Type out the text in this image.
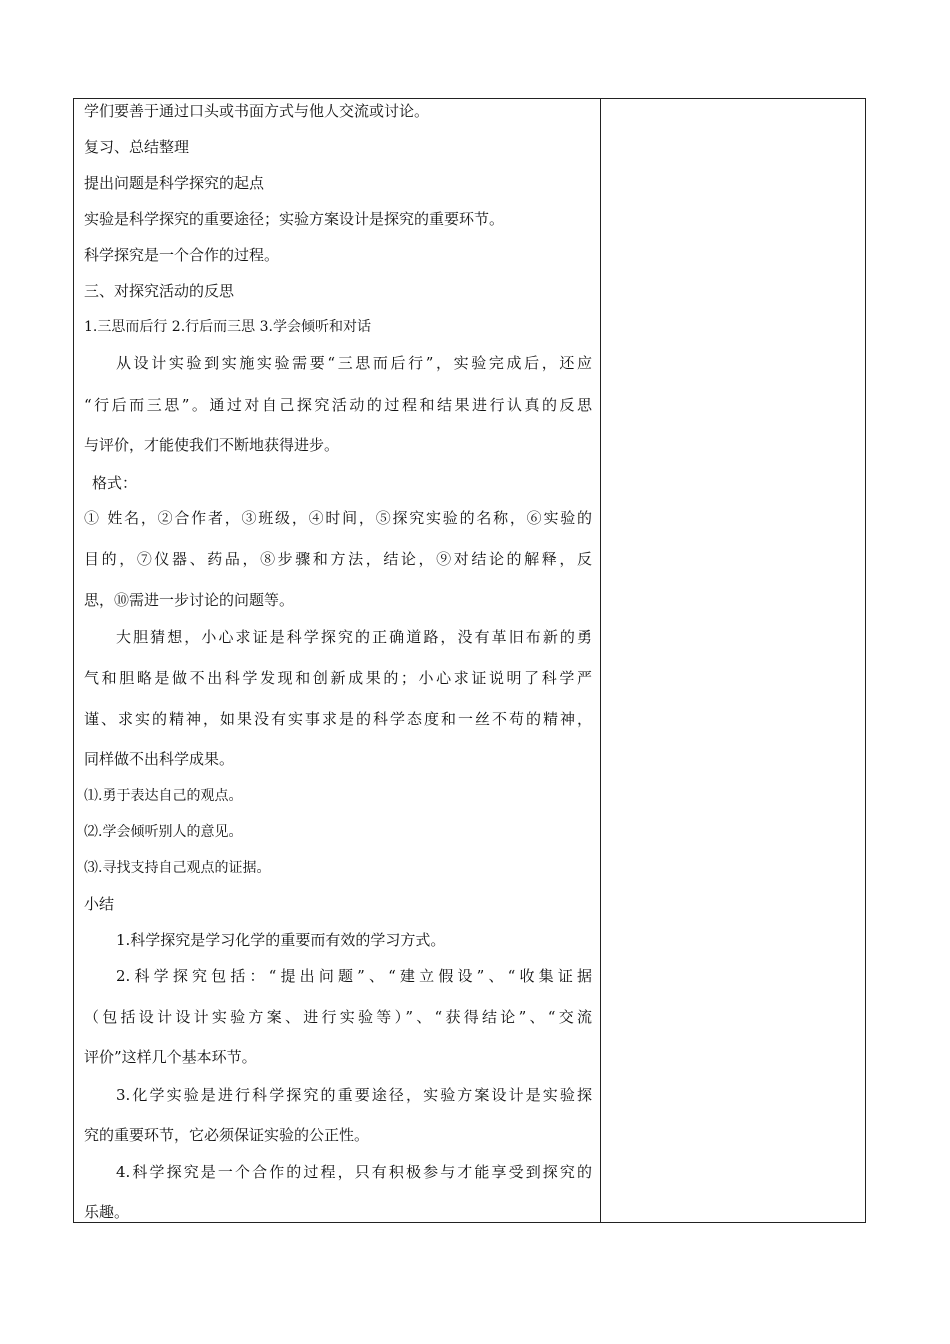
学们要善于通过口头或书面方式与他人交流或讨论。
复习、总结整理
提出问题是科学探究的起点
实验是科学探究的重要途径；实验方案设计是探究的重要环节。
科学探究是一个合作的过程。
三、对探究活动的反思
1.三思而后行 2.行后而三思 3.学会倾听和对话
从设计实验到实施实验需要“三思而后行”，实验完成后，还应
“行后而三思”。通过对自己探究活动的过程和结果进行认真的反思
与评价，才能使我们不断地获得进步。
格式：
① 姓名，②合作者，③班级，④时间，⑤探究实验的名称，⑥实验的
目的，⑦仪器、药品，⑧步骤和方法，结论，⑨对结论的解释，反
思，⑩需进一步讨论的问题等。
大胆猜想，小心求证是科学探究的正确道路，没有革旧布新的勇
气和胆略是做不出科学发现和创新成果的；小心求证说明了科学严
谨、求实的精神，如果没有实事求是的科学态度和一丝不苟的精神，
同样做不出科学成果。
⑴.勇于表达自己的观点。
⑵.学会倾听别人的意见。
⑶.寻找支持自己观点的证据。
小结
1.科学探究是学习化学的重要而有效的学习方式。
2.科学探究包括：“提出问题”、“建立假设”、“收集证据
（包括设计设计实验方案、进行实验等）”、“获得结论”、“交流
评价”这样几个基本环节。
3.化学实验是进行科学探究的重要途径，实验方案设计是实验探
究的重要环节，它必须保证实验的公正性。
4.科学探究是一个合作的过程，只有积极参与才能享受到探究的
乐趣。
